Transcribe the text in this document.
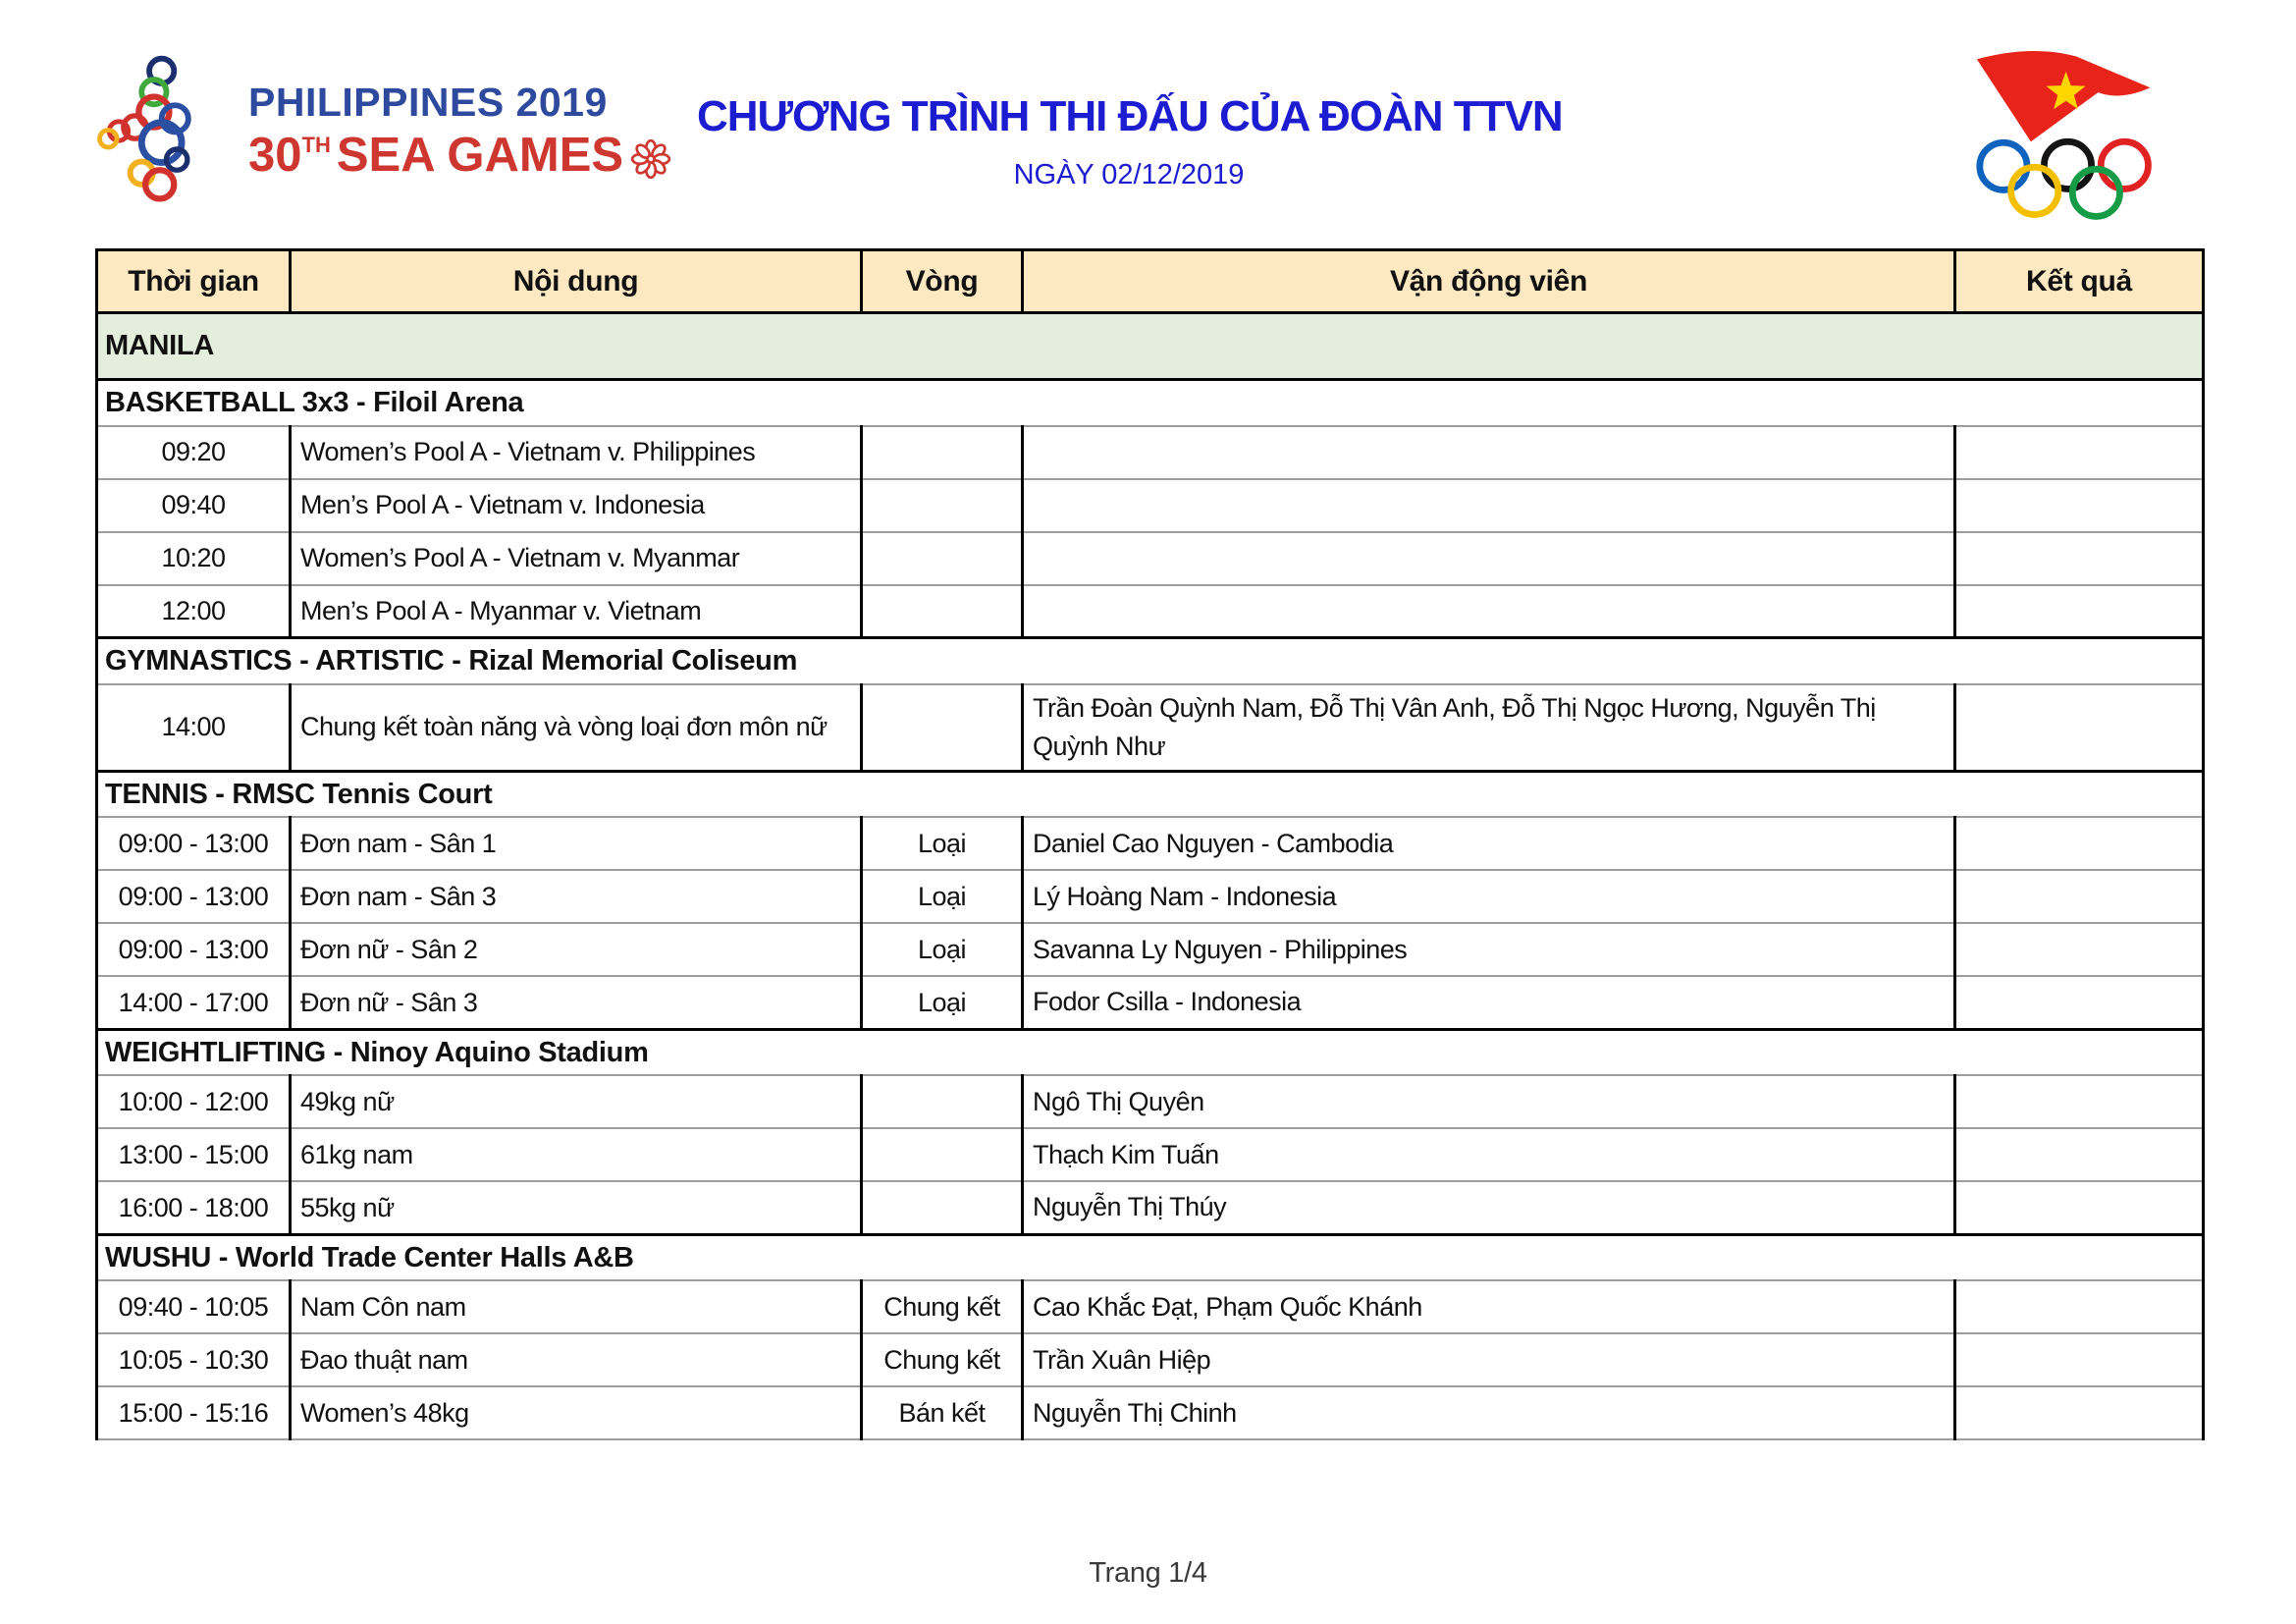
PHILIPPINES 2019
30 TH SEA GAMES
CHƯƠNG TRÌNH THI ĐẤU CỦA ĐOÀN TTVN
NGÀY 02/12/2019
Thời gian	Nội dung	Vòng	Vận động viên	Kết quả
MANILA				
BASKETBALL 3x3 - Filoil Arena				
09:20	Women’s Pool A - Vietnam v. Philippines			
09:40	Men’s Pool A - Vietnam v. Indonesia			
10:20	Women’s Pool A - Vietnam v. Myanmar			
12:00	Men’s Pool A - Myanmar v. Vietnam			
GYMNASTICS - ARTISTIC - Rizal Memorial Coliseum				
14:00	Chung kết toàn năng và vòng loại đơn môn nữ		Trần Đoàn Quỳnh Nam, Đỗ Thị Vân Anh, Đỗ Thị Ngọc Hương, Nguyễn Thị Quỳnh Như	
TENNIS - RMSC Tennis Court				
09:00 - 13:00	Đơn nam - Sân 1	Loại	Daniel Cao Nguyen - Cambodia	
09:00 - 13:00	Đơn nam - Sân 3	Loại	Lý Hoàng Nam - Indonesia	
09:00 - 13:00	Đơn nữ - Sân 2	Loại	Savanna Ly Nguyen - Philippines	
14:00 - 17:00	Đơn nữ - Sân 3	Loại	Fodor Csilla - Indonesia	
WEIGHTLIFTING - Ninoy Aquino Stadium				
10:00 - 12:00	49kg nữ		Ngô Thị Quyên	
13:00 - 15:00	61kg nam		Thạch Kim Tuấn	
16:00 - 18:00	55kg nữ		Nguyễn Thị Thúy	
WUSHU - World Trade Center Halls A&B				
09:40 - 10:05	Nam Côn nam	Chung kết	Cao Khắc Đạt, Phạm Quốc Khánh	
10:05 - 10:30	Đao thuật nam	Chung kết	Trần Xuân Hiệp	
15:00 - 15:16	Women’s 48kg	Bán kết	Nguyễn Thị Chinh	
Trang 1/4
